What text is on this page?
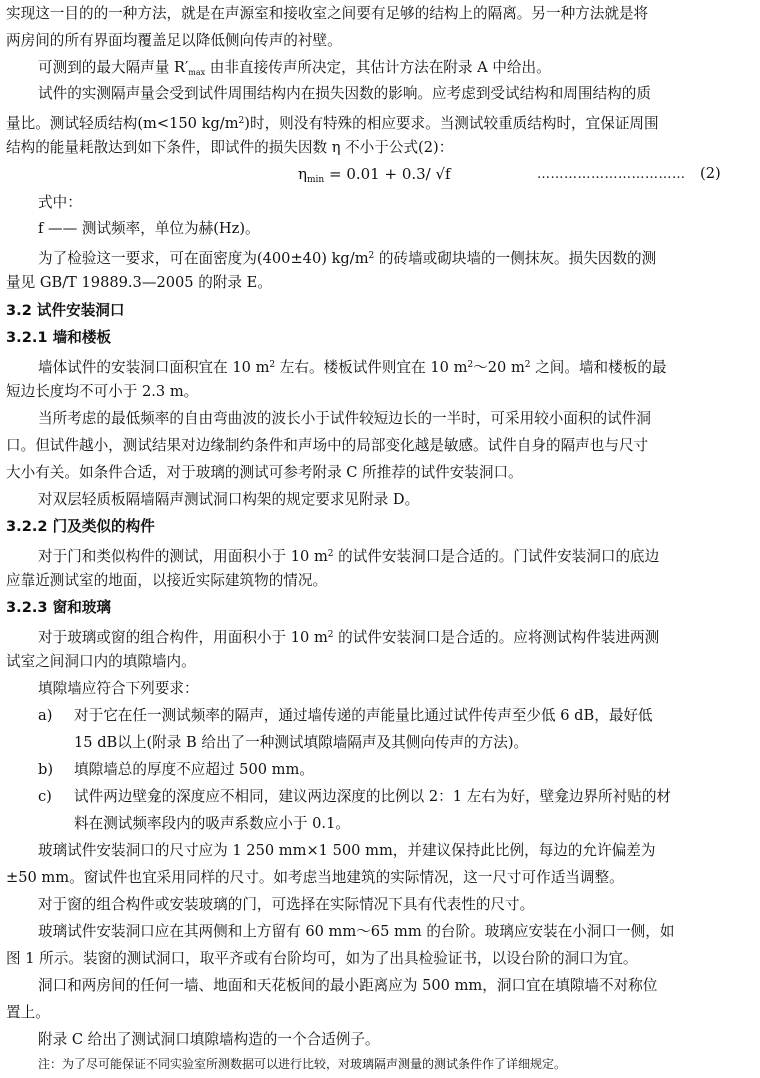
实现这一目的的一种方法，就是在声源室和接收室之间要有足够的结构上的隔离。另一种方法就是将
两房间的所有界面均覆盖足以降低侧向传声的衬壁。
可测到的最大隔声量 $R'_{max}$ 由非直接传声所决定，其估计方法在附录 A 中给出。
试件的实测隔声量会受到试件周围结构内在损失因数的影响。应考虑到受试结构和周围结构的质
量比。测试轻质结构(m<150 $kg/m^2$)时，则没有特殊的相应要求。当测试较重质结构时，宜保证周围
结构的能量耗散达到如下条件，即试件的损失因数 η 不小于公式(2)：
$\eta_{min} = 0.01 + 0.3/$ √f	…………………………… (2)
式中：
f —— 测试频率，单位为赫(Hz)。
为了检验这一要求，可在面密度为(400±40) $kg/m^2$ 的砖墙或砌块墙的一侧抹灰。损失因数的测
量见 GB/T 19889.3—2005 的附录 E。
3.2 试件安装洞口
3.2.1 墙和楼板
墙体试件的安装洞口面积宜在 10 $m^2$ 左右。楼板试件则宜在 10 $m^2\sim 20$ $m^2$ 之间。墙和楼板的最
短边长度均不可小于 2.3 m。
当所考虑的最低频率的自由弯曲波的波长小于试件较短边长的一半时，可采用较小面积的试件洞
口。但试件越小，测试结果对边缘制约条件和声场中的局部变化越是敏感。试件自身的隔声也与尺寸
大小有关。如条件合适，对于玻璃的测试可参考附录 C 所推荐的试件安装洞口。
对双层轻质板隔墙隔声测试洞口构架的规定要求见附录 D。
3.2.2 门及类似的构件
对于门和类似构件的测试，用面积小于 10 $m^2$ 的试件安装洞口是合适的。门试件安装洞口的底边
应靠近测试室的地面，以接近实际建筑物的情况。
3.2.3 窗和玻璃
对于玻璃或窗的组合构件，用面积小于 10 $m^2$ 的试件安装洞口是合适的。应将测试构件装进两测
试室之间洞口内的填隙墙内。
填隙墙应符合下列要求：
a) 对于它在任一测试频率的隔声，通过墙传递的声能量比通过试件传声至少低 6 dB，最好低
15 dB以上(附录 B 给出了一种测试填隙墙隔声及其侧向传声的方法)。
b) 填隙墙总的厚度不应超过 500 mm。
c) 试件两边壁龛的深度应不相同，建议两边深度的比例以 2：1 左右为好，壁龛边界所衬贴的材
料在测试频率段内的吸声系数应小于 0.1。
玻璃试件安装洞口的尺寸应为 1 250 mm×1 500 mm，并建议保持此比例，每边的允许偏差为
±50 mm。窗试件也宜采用同样的尺寸。如考虑当地建筑的实际情况，这一尺寸可作适当调整。
对于窗的组合构件或安装玻璃的门，可选择在实际情况下具有代表性的尺寸。
玻璃试件安装洞口应在其两侧和上方留有 60 mm～65 mm 的台阶。玻璃应安装在小洞口一侧，如
图 1 所示。装窗的测试洞口，取平齐或有台阶均可，如为了出具检验证书，以设台阶的洞口为宜。
洞口和两房间的任何一墙、地面和天花板间的最小距离应为 500 mm，洞口宜在填隙墙不对称位
置上。
附录 C 给出了测试洞口填隙墙构造的一个合适例子。
注：为了尽可能保证不同实验室所测数据可以进行比较，对玻璃隔声测量的测试条件作了详细规定。
